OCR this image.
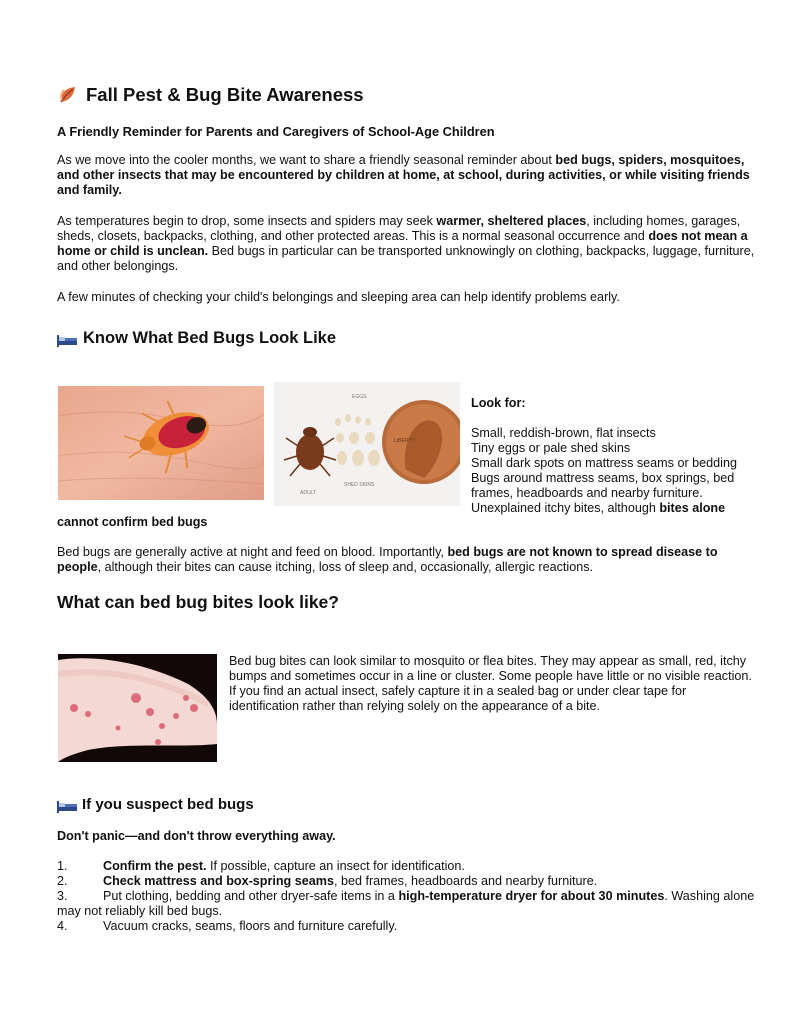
Fall Pest & Bug Bite Awareness
A Friendly Reminder for Parents and Caregivers of School-Age Children

As we move into the cooler months, we want to share a friendly seasonal reminder about bed bugs, spiders, mosquitoes, and other insects that may be encountered by children at home, at school, during activities, or while visiting friends and family.

As temperatures begin to drop, some insects and spiders may seek warmer, sheltered places, including homes, garages, sheds, closets, backpacks, clothing, and other protected areas. This is a normal seasonal occurrence and does not mean a home or child is unclean. Bed bugs in particular can be transported unknowingly on clothing, backpacks, luggage, furniture, and other belongings.

A few minutes of checking your child's belongings and sleeping area can help identify problems early.

Know What Bed Bugs Look Like
LIBERTY
ADULT
SHED SKINS
EGGS	Look for:
Small, reddish-brown, flat insects
Tiny eggs or pale shed skins
Small dark spots on mattress seams or bedding
Bugs around mattress seams, box springs, bed frames, headboards and nearby furniture.
Unexplained itchy bites, although bites alone
cannot confirm bed bugs

Bed bugs are generally active at night and feed on blood. Importantly, bed bugs are not known to spread disease to people, although their bites can cause itching, loss of sleep and, occasionally, allergic reactions.

What can bed bug bites look like?

Bed bug bites can look similar to mosquito or flea bites. They may appear as small, red, itchy bumps and sometimes occur in a line or cluster. Some people have little or no visible reaction. If you find an actual insect, safely capture it in a sealed bag or under clear tape for identification rather than relying solely on the appearance of a bite.

If you suspect bed bugs
Don't panic—and don't throw everything away.
1.	Confirm the pest. If possible, capture an insect for identification.
2.	Check mattress and box-spring seams, bed frames, headboards and nearby furniture.
3.	Put clothing, bedding and other dryer-safe items in a high-temperature dryer for about 30 minutes. Washing alone may not reliably kill bed bugs.
4.	Vacuum cracks, seams, floors and furniture carefully.
